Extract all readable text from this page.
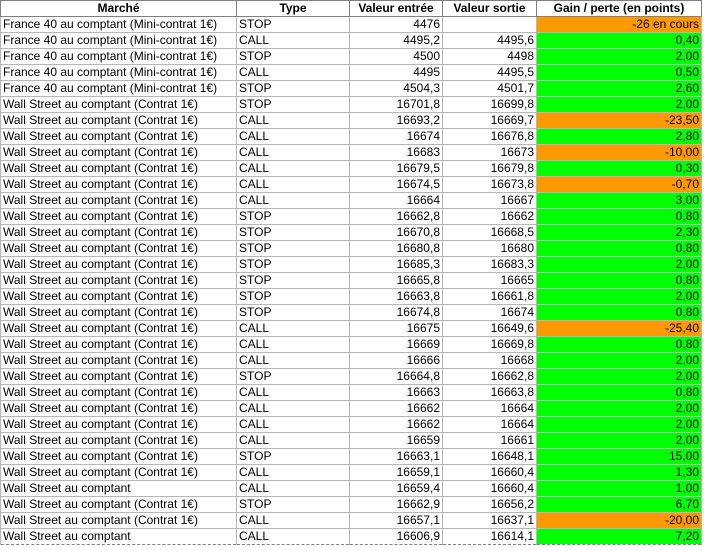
Marché	Type	Valeur entrée	Valeur sortie	Gain / perte (en points)
France 40 au comptant (Mini-contrat 1€)	STOP	4476		-26 en cours
France 40 au comptant (Mini-contrat 1€)	CALL	4495,2	4495,6	0,40
France 40 au comptant (Mini-contrat 1€)	STOP	4500	4498	2,00
France 40 au comptant (Mini-contrat 1€)	CALL	4495	4495,5	0,50
France 40 au comptant (Mini-contrat 1€)	STOP	4504,3	4501,7	2,60
Wall Street au comptant (Contrat 1€)	STOP	16701,8	16699,8	2,00
Wall Street au comptant (Contrat 1€)	CALL	16693,2	16669,7	-23,50
Wall Street au comptant (Contrat 1€)	CALL	16674	16676,8	2,80
Wall Street au comptant (Contrat 1€)	CALL	16683	16673	-10,00
Wall Street au comptant (Contrat 1€)	CALL	16679,5	16679,8	0,30
Wall Street au comptant (Contrat 1€)	CALL	16674,5	16673,8	-0,70
Wall Street au comptant (Contrat 1€)	CALL	16664	16667	3,00
Wall Street au comptant (Contrat 1€)	STOP	16662,8	16662	0,80
Wall Street au comptant (Contrat 1€)	STOP	16670,8	16668,5	2,30
Wall Street au comptant (Contrat 1€)	STOP	16680,8	16680	0,80
Wall Street au comptant (Contrat 1€)	STOP	16685,3	16683,3	2,00
Wall Street au comptant (Contrat 1€)	STOP	16665,8	16665	0,80
Wall Street au comptant (Contrat 1€)	STOP	16663,8	16661,8	2,00
Wall Street au comptant (Contrat 1€)	STOP	16674,8	16674	0,80
Wall Street au comptant (Contrat 1€)	CALL	16675	16649,6	-25,40
Wall Street au comptant (Contrat 1€)	CALL	16669	16669,8	0,80
Wall Street au comptant (Contrat 1€)	CALL	16666	16668	2,00
Wall Street au comptant (Contrat 1€)	STOP	16664,8	16662,8	2,00
Wall Street au comptant (Contrat 1€)	CALL	16663	16663,8	0,80
Wall Street au comptant (Contrat 1€)	CALL	16662	16664	2,00
Wall Street au comptant (Contrat 1€)	CALL	16662	16664	2,00
Wall Street au comptant (Contrat 1€)	CALL	16659	16661	2,00
Wall Street au comptant (Contrat 1€)	STOP	16663,1	16648,1	15,00
Wall Street au comptant (Contrat 1€)	CALL	16659,1	16660,4	1,30
Wall Street au comptant	CALL	16659,4	16660,4	1,00
Wall Street au comptant (Contrat 1€)	STOP	16662,9	16656,2	6,70
Wall Street au comptant (Contrat 1€)	CALL	16657,1	16637,1	-20,00
Wall Street au comptant	CALL	16606,9	16614,1	7,20
